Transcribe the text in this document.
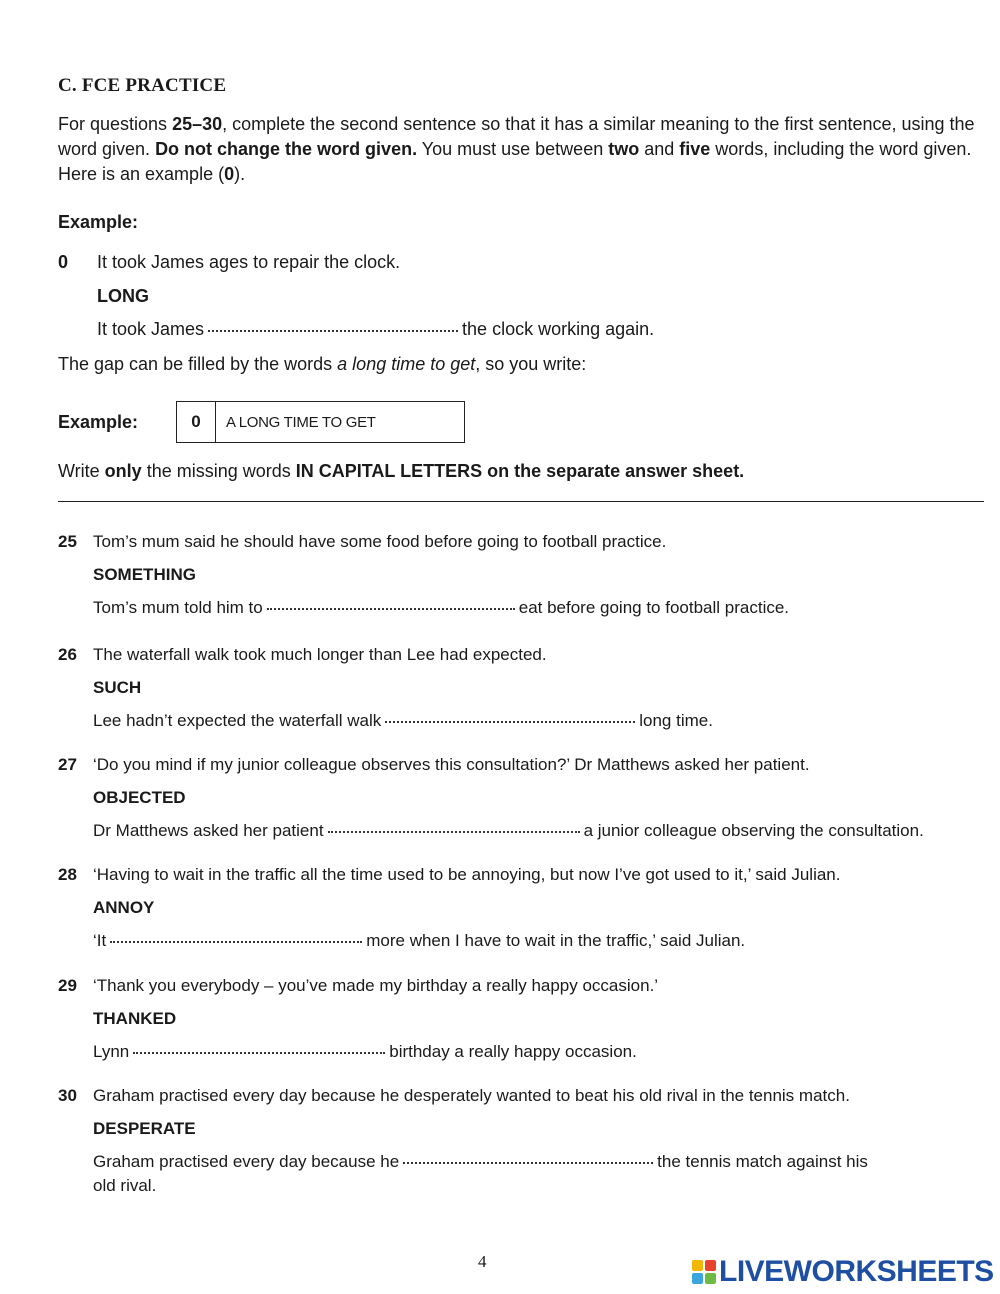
C. FCE PRACTICE
For questions 25–30, complete the second sentence so that it has a similar meaning to the first sentence, using the word given. Do not change the word given. You must use between two and five words, including the word given. Here is an example (0).
Example:
0 It took James ages to repair the clock.
LONG
It took James	the clock working again.
The gap can be filled by the words a long time to get, so you write:
Example:	0	A LONG TIME TO GET
Write only the missing words IN CAPITAL LETTERS on the separate answer sheet.
25 Tom’s mum said he should have some food before going to football practice.
SOMETHING
Tom’s mum told him to	eat before going to football practice.
26 The waterfall walk took much longer than Lee had expected.
SUCH
Lee hadn’t expected the waterfall walk	long time.
27 ‘Do you mind if my junior colleague observes this consultation?’ Dr Matthews asked her patient.
OBJECTED
Dr Matthews asked her patient	a junior colleague observing the consultation.
28 ‘Having to wait in the traffic all the time used to be annoying, but now I’ve got used to it,’ said Julian.
ANNOY
‘It	more when I have to wait in the traffic,’ said Julian.
29 ‘Thank you everybody – you’ve made my birthday a really happy occasion.’
THANKED
Lynn	birthday a really happy occasion.
30 Graham practised every day because he desperately wanted to beat his old rival in the tennis match.
DESPERATE
Graham practised every day because he	the tennis match against his
old rival.
4	LIVEWORKSHEETS
